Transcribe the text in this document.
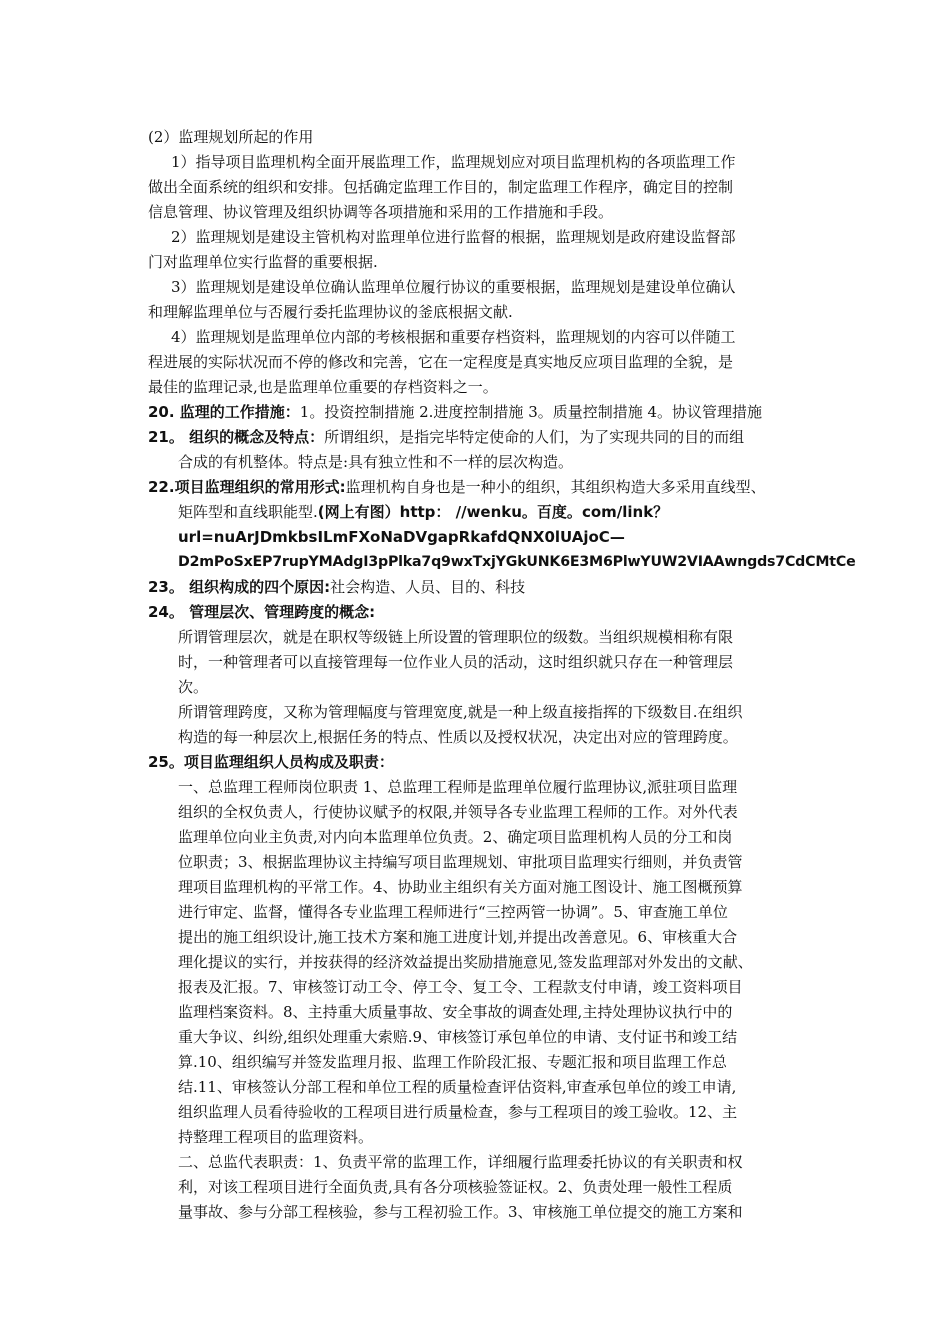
(2）监理规划所起的作用
1）指导项目监理机构全面开展监理工作，监理规划应对项目监理机构的各项监理工作
做出全面系统的组织和安排。包括确定监理工作目的，制定监理工作程序，确定目的控制
信息管理、协议管理及组织协调等各项措施和采用的工作措施和手段。
2）监理规划是建设主管机构对监理单位进行监督的根据，监理规划是政府建设监督部
门对监理单位实行监督的重要根据.
3）监理规划是建设单位确认监理单位履行协议的重要根据，监理规划是建设单位确认
和理解监理单位与否履行委托监理协议的釜底根据文献.
4）监理规划是监理单位内部的考核根据和重要存档资料，监理规划的内容可以伴随工
程进展的实际状况而不停的修改和完善，它在一定程度是真实地反应项目监理的全貌，是
最佳的监理记录,也是监理单位重要的存档资料之一。
20. 监理的工作措施：1。投资控制措施 2.进度控制措施 3。质量控制措施 4。协议管理措施
21。 组织的概念及特点：所谓组织，是指完毕特定使命的人们，为了实现共同的目的而组
合成的有机整体。特点是:具有独立性和不一样的层次构造。
22.项目监理组织的常用形式:监理机构自身也是一种小的组织，其组织构造大多采用直线型、
矩阵型和直线职能型.(网上有图）http： //wenku。百度。com/link？
url=nuArJDmkbsILmFXoNaDVgapRkafdQNX0lUAjoC—
D2mPoSxEP7rupYMAdgI3pPlka7q9wxTxjYGkUNK6E3M6PlwYUW2VIAAwngds7CdCMtCe
23。 组织构成的四个原因:社会构造、人员、目的、科技
24。 管理层次、管理跨度的概念:
所谓管理层次，就是在职权等级链上所设置的管理职位的级数。当组织规模相称有限
时，一种管理者可以直接管理每一位作业人员的活动，这时组织就只存在一种管理层
次。
所谓管理跨度，又称为管理幅度与管理宽度,就是一种上级直接指挥的下级数目.在组织
构造的每一种层次上,根据任务的特点、性质以及授权状况，决定出对应的管理跨度。
25。项目监理组织人员构成及职责：
一、总监理工程师岗位职责 1、总监理工程师是监理单位履行监理协议,派驻项目监理
组织的全权负责人，行使协议赋予的权限,并领导各专业监理工程师的工作。对外代表
监理单位向业主负责,对内向本监理单位负责。2、确定项目监理机构人员的分工和岗
位职责；3、根据监理协议主持编写项目监理规划、审批项目监理实行细则，并负责管
理项目监理机构的平常工作。4、协助业主组织有关方面对施工图设计、施工图概预算
进行审定、监督，懂得各专业监理工程师进行“三控两管一协调”。5、审查施工单位
提出的施工组织设计,施工技术方案和施工进度计划,并提出改善意见。6、审核重大合
理化提议的实行，并按获得的经济效益提出奖励措施意见,签发监理部对外发出的文献、
报表及汇报。7、审核签订动工令、停工令、复工令、工程款支付申请，竣工资料项目
监理档案资料。8、主持重大质量事故、安全事故的调查处理,主持处理协议执行中的
重大争议、纠纷,组织处理重大索赔.9、审核签订承包单位的申请、支付证书和竣工结
算.10、组织编写并签发监理月报、监理工作阶段汇报、专题汇报和项目监理工作总
结.11、审核签认分部工程和单位工程的质量检查评估资料,审查承包单位的竣工申请,
组织监理人员看待验收的工程项目进行质量检查，参与工程项目的竣工验收。12、主
持整理工程项目的监理资料。
二、总监代表职责：1、负责平常的监理工作，详细履行监理委托协议的有关职责和权
利，对该工程项目进行全面负责,具有各分项核验签证权。2、负责处理一般性工程质
量事故、参与分部工程核验，参与工程初验工作。3、审核施工单位提交的施工方案和
